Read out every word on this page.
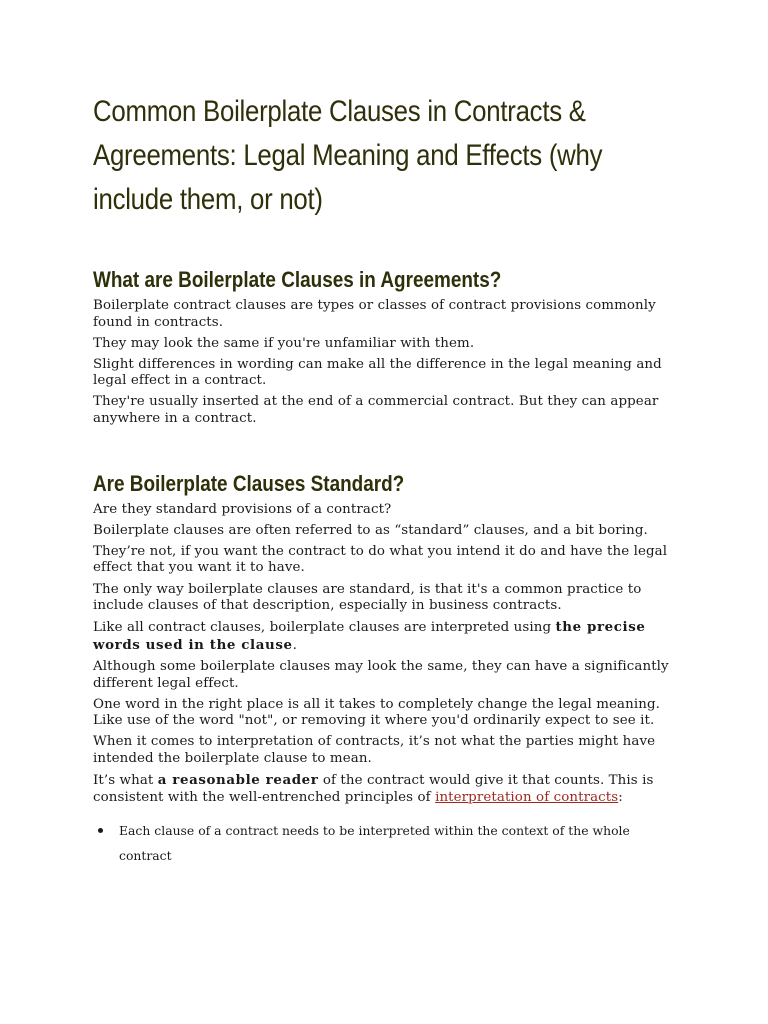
Common Boilerplate Clauses in Contracts & Agreements: Legal Meaning and Effects (why include them, or not)
What are Boilerplate Clauses in Agreements?

Boilerplate contract clauses are types or classes of contract provisions commonly found in contracts.

They may look the same if you're unfamiliar with them.

Slight differences in wording can make all the difference in the legal meaning and legal effect in a contract.

They're usually inserted at the end of a commercial contract. But they can appear anywhere in a contract.

Are Boilerplate Clauses Standard?

Are they standard provisions of a contract?

Boilerplate clauses are often referred to as “standard” clauses, and a bit boring.

They’re not, if you want the contract to do what you intend it do and have the legal effect that you want it to have.

The only way boilerplate clauses are standard, is that it's a common practice to include clauses of that description, especially in business contracts.

Like all contract clauses, boilerplate clauses are interpreted using the precise words used in the clause.

Although some boilerplate clauses may look the same, they can have a significantly different legal effect.

One word in the right place is all it takes to completely change the legal meaning. Like use of the word "not", or removing it where you'd ordinarily expect to see it.

When it comes to interpretation of contracts, it’s not what the parties might have intended the boilerplate clause to mean.

It’s what a reasonable reader of the contract would give it that counts. This is consistent with the well-entrenched principles of interpretation of contracts:

Each clause of a contract needs to be interpreted within the context of the whole contract
